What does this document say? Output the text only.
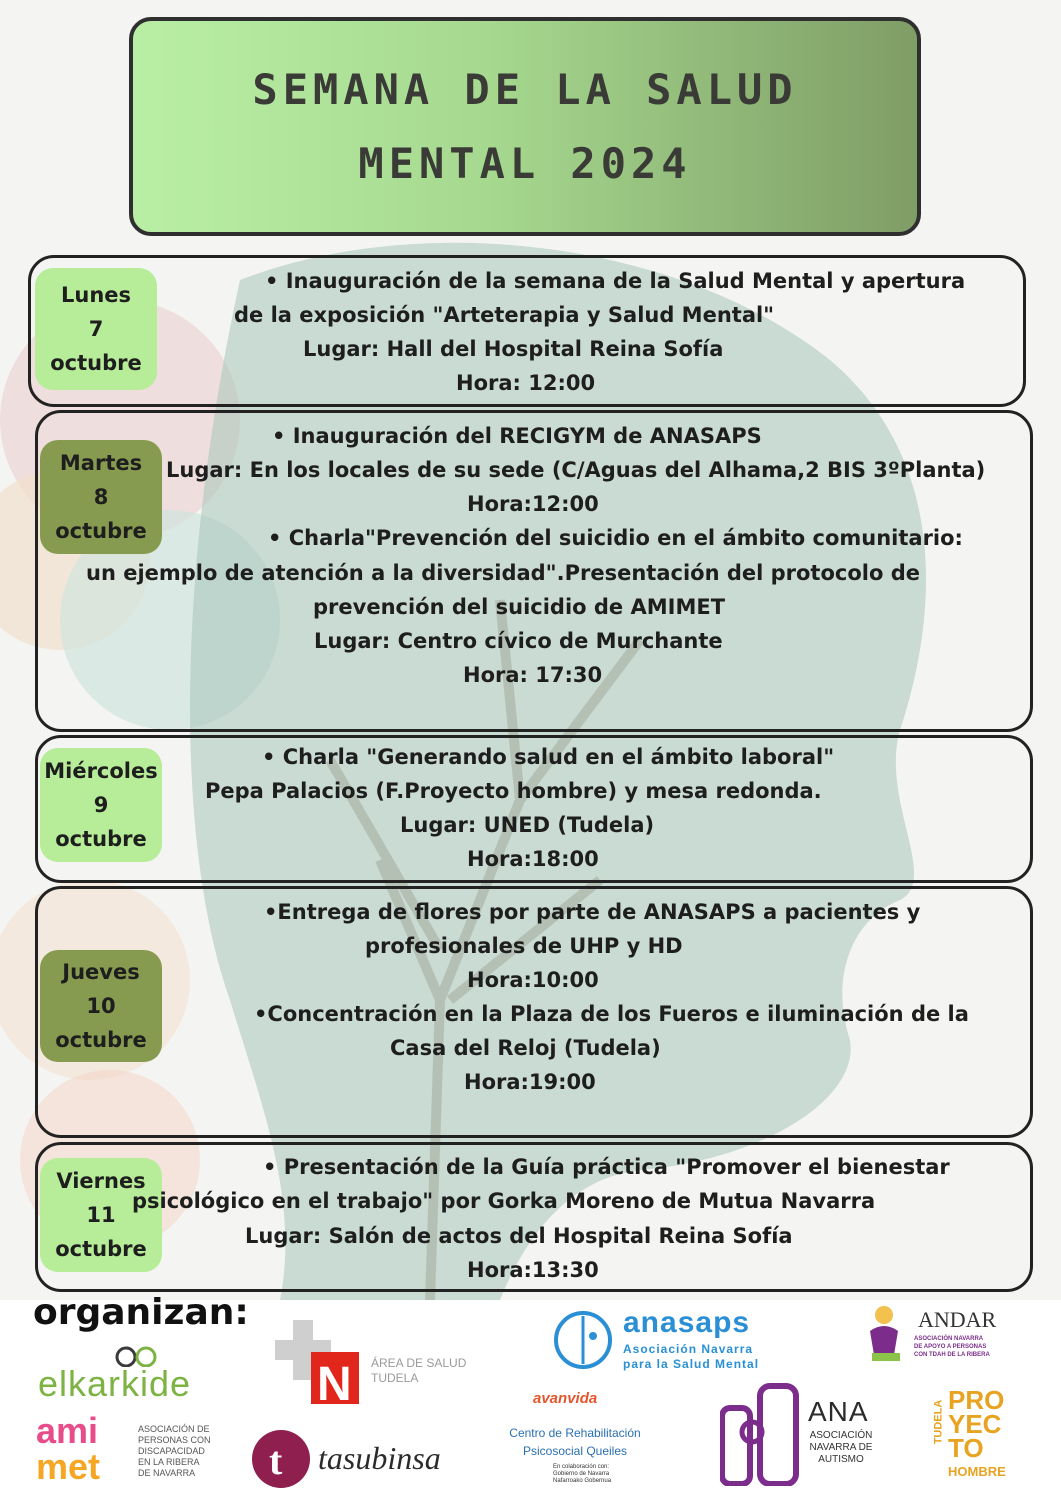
SEMANA DE LA SALUD
MENTAL 2024
Lunes
7
octubre
• Inauguración de la semana de la Salud Mental y apertura
de la exposición "Arteterapia y Salud Mental"
Lugar: Hall del Hospital Reina Sofía
Hora: 12:00
Martes
8
octubre
• Inauguración del RECIGYM de ANASAPS
Lugar: En los locales de su sede (C/Aguas del Alhama,2 BIS 3ºPlanta)
Hora:12:00
• Charla"Prevención del suicidio en el ámbito comunitario:
un ejemplo de atención a la diversidad".Presentación del protocolo de
prevención del suicidio de AMIMET
Lugar: Centro cívico de Murchante
Hora: 17:30
Miércoles
9
octubre
• Charla "Generando salud en el ámbito laboral"
Pepa Palacios (F.Proyecto hombre) y mesa redonda.
Lugar: UNED (Tudela)
Hora:18:00
Jueves
10
octubre
•Entrega de flores por parte de ANASAPS a pacientes y
profesionales de UHP y HD
Hora:10:00
•Concentración en la Plaza de los Fueros e iluminación de la
Casa del Reloj (Tudela)
Hora:19:00
Viernes
11
octubre
• Presentación de la Guía práctica "Promover el bienestar
psicológico en el trabajo" por Gorka Moreno de Mutua Navarra
Lugar: Salón de actos del Hospital Reina Sofía
Hora:13:30
organizan:
elkarkide
ami
met
ASOCIACIÓN DE
PERSONAS CON
DISCAPACIDAD
EN LA RIBERA
DE NAVARRA
N ÁREA DE SALUD
TUDELA
t tasubinsa
anasaps
Asociación Navarra
para la Salud Mental
avanvida
Centro de Rehabilitación
Psicosocial Queiles
En colaboración con:
Gobierno de Navarra
Nafarroako Gobernua
ANA
ASOCIACIÓN
NAVARRA DE
AUTISMO
ANDAR
ASOCIACIÓN NAVARRA
DE APOYO A PERSONAS
CON TDAH DE LA RIBERA
TUDELA PRO
YEC
TO
HOMBRE
